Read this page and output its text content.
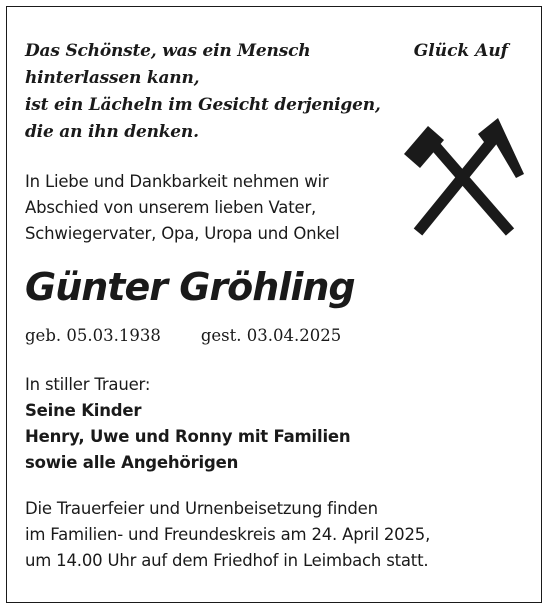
Das Schönste, was ein Mensch
hinterlassen kann,
ist ein Lächeln im Gesicht derjenigen,
die an ihn denken.
Glück Auf
In Liebe und Dankbarkeit nehmen wir
Abschied von unserem lieben Vater,
Schwiegervater, Opa, Uropa und Onkel
Günter Gröhling
geb. 05.03.1938 gest. 03.04.2025
In stiller Trauer:
Seine Kinder
Henry, Uwe und Ronny mit Familien
sowie alle Angehörigen
Die Trauerfeier und Urnenbeisetzung finden
im Familien- und Freundeskreis am 24. April 2025,
um 14.00 Uhr auf dem Friedhof in Leimbach statt.
